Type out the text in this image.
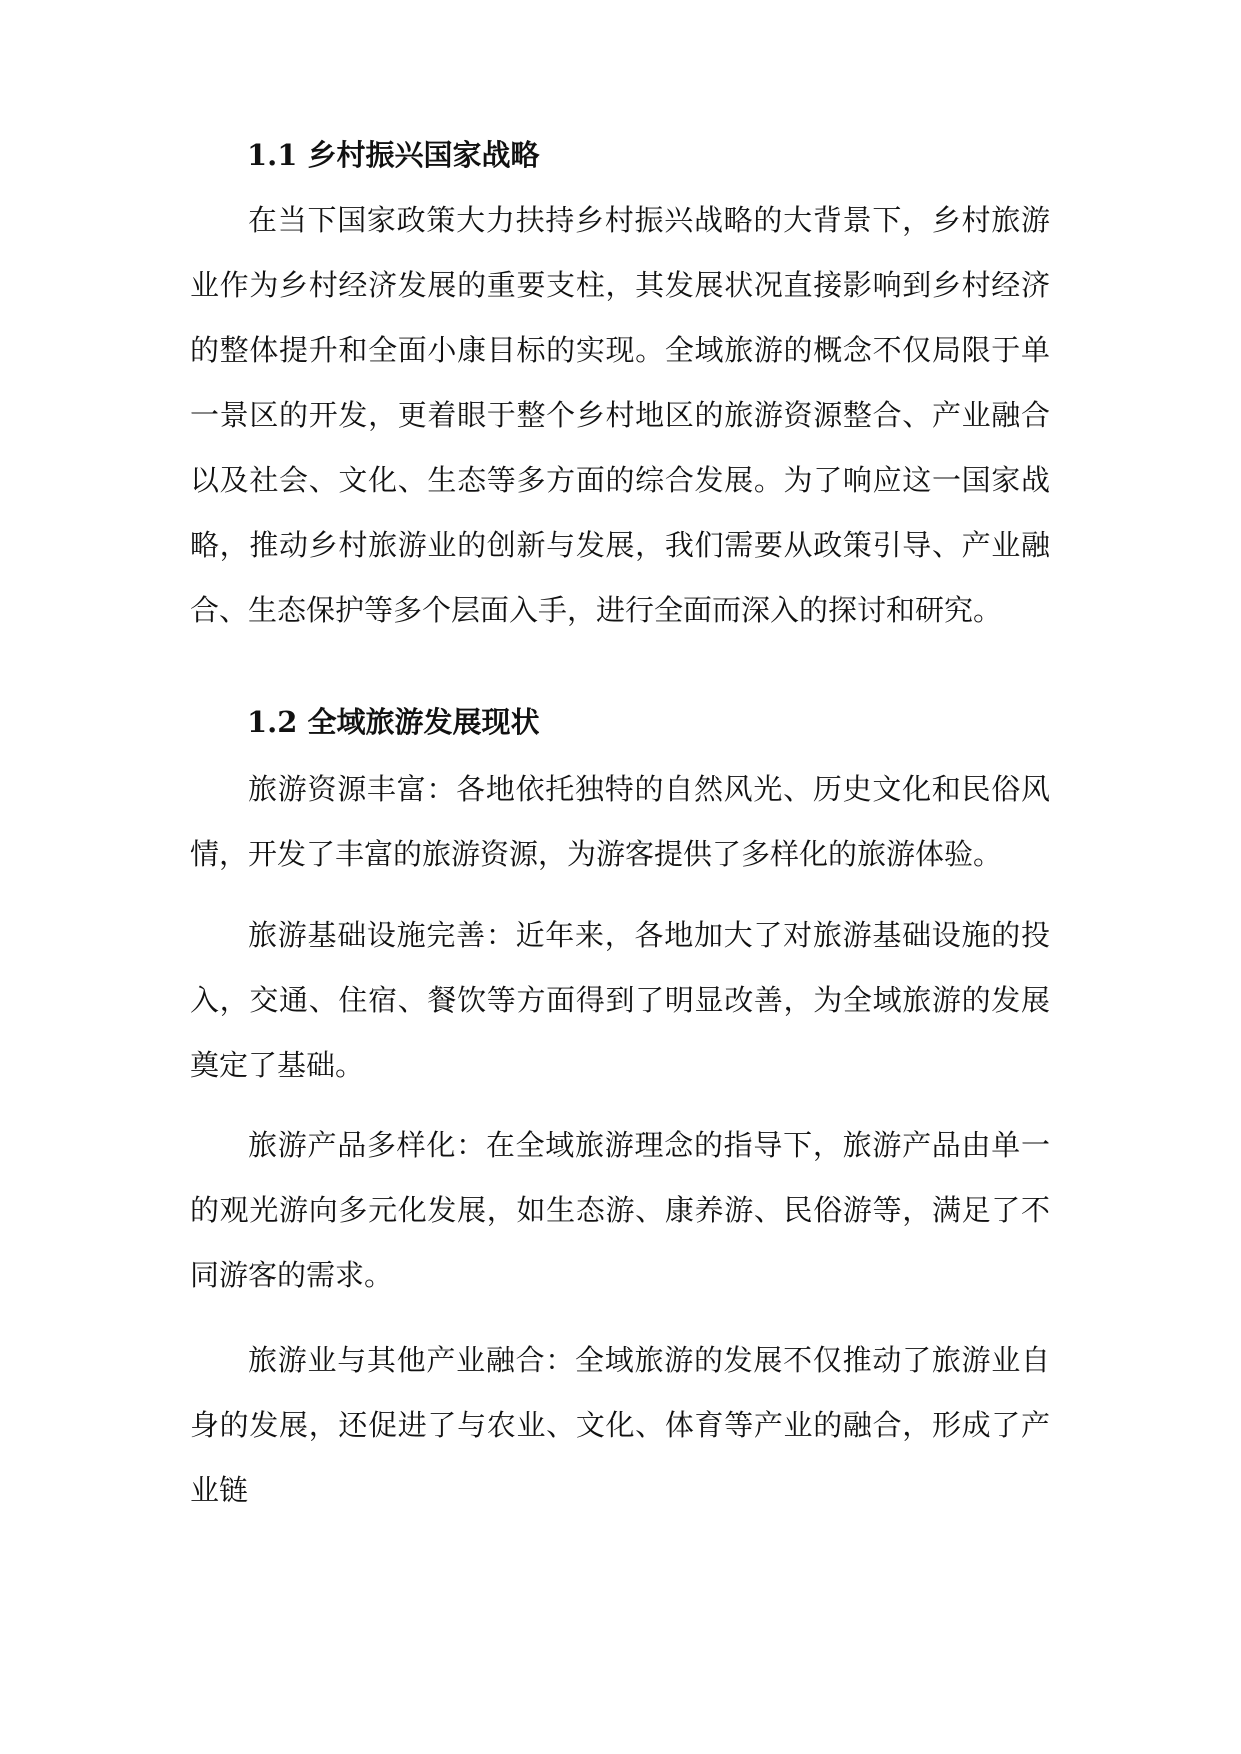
1.1 乡村振兴国家战略

在当下国家政策大力扶持乡村振兴战略的大背景下，乡村旅游业作为乡村经济发展的重要支柱，其发展状况直接影响到乡村经济的整体提升和全面小康目标的实现。全域旅游的概念不仅局限于单一景区的开发，更着眼于整个乡村地区的旅游资源整合、产业融合以及社会、文化、生态等多方面的综合发展。为了响应这一国家战略，推动乡村旅游业的创新与发展，我们需要从政策引导、产业融合、生态保护等多个层面入手，进行全面而深入的探讨和研究。

1.2 全域旅游发展现状

旅游资源丰富：各地依托独特的自然风光、历史文化和民俗风情，开发了丰富的旅游资源，为游客提供了多样化的旅游体验。

旅游基础设施完善：近年来，各地加大了对旅游基础设施的投入，交通、住宿、餐饮等方面得到了明显改善，为全域旅游的发展奠定了基础。

旅游产品多样化：在全域旅游理念的指导下，旅游产品由单一的观光游向多元化发展，如生态游、康养游、民俗游等，满足了不同游客的需求。

旅游业与其他产业融合：全域旅游的发展不仅推动了旅游业自身的发展，还促进了与农业、文化、体育等产业的融合，形成了产业链
